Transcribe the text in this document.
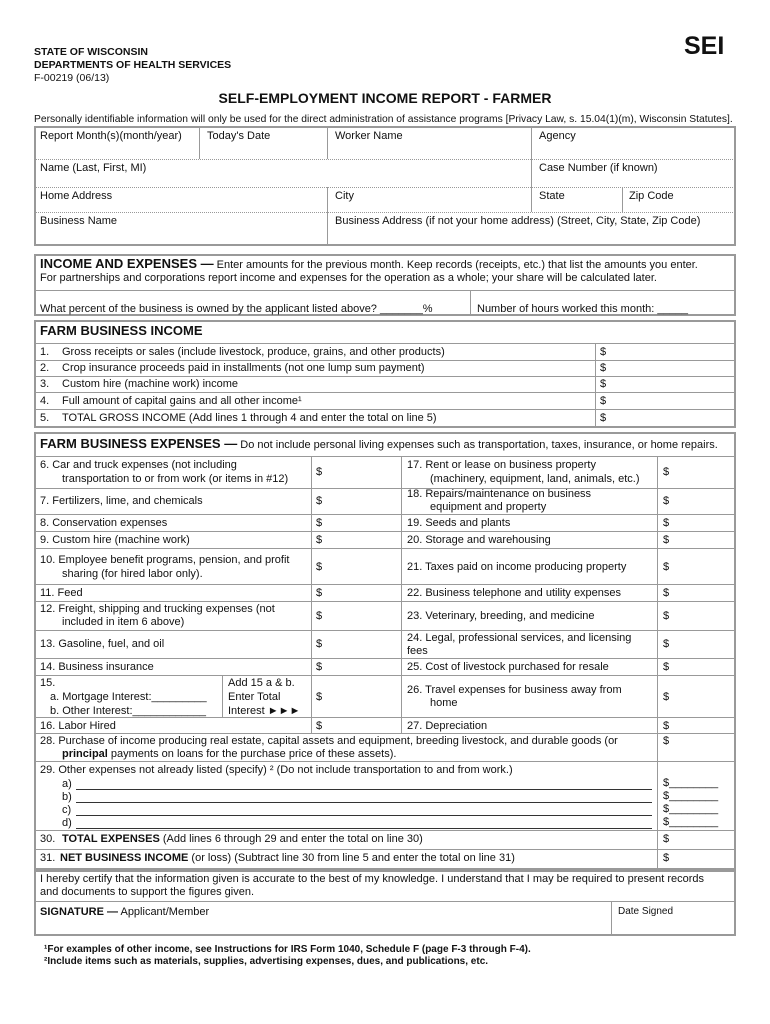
STATE OF WISCONSIN
DEPARTMENTS OF HEALTH SERVICES
F-00219 (06/13)
SEI
SELF-EMPLOYMENT INCOME REPORT - FARMER
Personally identifiable information will only be used for the direct administration of assistance programs [Privacy Law, s. 15.04(1)(m), Wisconsin Statutes].
Report Month(s)(month/year) Today's Date	Worker Name	Agency
Name (Last, First, MI)	Case Number (if known)
Home Address	City	State	Zip Code
Business Name	Business Address (if not your home address) (Street, City, State, Zip Code)
INCOME AND EXPENSES — Enter amounts for the previous month. Keep records (receipts, etc.) that list the amounts you enter.
For partnerships and corporations report income and expenses for the operation as a whole; your share will be calculated later.
What percent of the business is owned by the applicant listed above? _______%	Number of hours worked this month: _____
FARM BUSINESS INCOME
1. Gross receipts or sales (include livestock, produce, grains, and other products)	$
2. Crop insurance proceeds paid in installments (not one lump sum payment)	$
3. Custom hire (machine work) income	$
4. Full amount of capital gains and all other income¹	$
5. TOTAL GROSS INCOME (Add lines 1 through 4 and enter the total on line 5)	$
FARM BUSINESS EXPENSES — Do not include personal living expenses such as transportation, taxes, insurance, or home repairs.
6. Car and truck expenses (not including
transportation to or from work (or items in #12)
$
7. Fertilizers, lime, and chemicals	$
8. Conservation expenses	$
9. Custom hire (machine work)	$
10. Employee benefit programs, pension, and profit
sharing (for hired labor only).
$
11. Feed	$
12. Freight, shipping and trucking expenses (not
included in item 6 above)	$
13. Gasoline, fuel, and oil	$
14. Business insurance	$
15.
a. Mortgage Interest:_________
b. Other Interest:____________
Add 15 a & b.
Enter Total
Interest ►►►
$
16. Labor Hired	$
17. Rent or lease on business property
(machinery, equipment, land, animals, etc.)
$
18. Repairs/maintenance on business
equipment and property	$
19. Seeds and plants	$
20. Storage and warehousing	$
21. Taxes paid on income producing property	$
22. Business telephone and utility expenses	$
23. Veterinary, breeding, and medicine	$
24. Legal, professional services, and licensing
fees
$
25. Cost of livestock purchased for resale	$
26. Travel expenses for business away from
home	$
27. Depreciation	$
28. Purchase of income producing real estate, capital assets and equipment, breeding livestock, and durable goods (or
principal payments on loans for the purchase price of these assets).
$
29. Other expenses not already listed (specify) ² (Do not include transportation to and from work.)
a)	$________
b)	$________
c)	$________
d)	$________
30. TOTAL EXPENSES (Add lines 6 through 29 and enter the total on line 30)	$
31. NET BUSINESS INCOME (or loss) (Subtract line 30 from line 5 and enter the total on line 31)	$
I hereby certify that the information given is accurate to the best of my knowledge. I understand that I may be required to present records
and documents to support the figures given.
SIGNATURE — Applicant/Member	Date Signed
¹For examples of other income, see Instructions for IRS Form 1040, Schedule F (page F-3 through F-4).
²Include items such as materials, supplies, advertising expenses, dues, and publications, etc.
